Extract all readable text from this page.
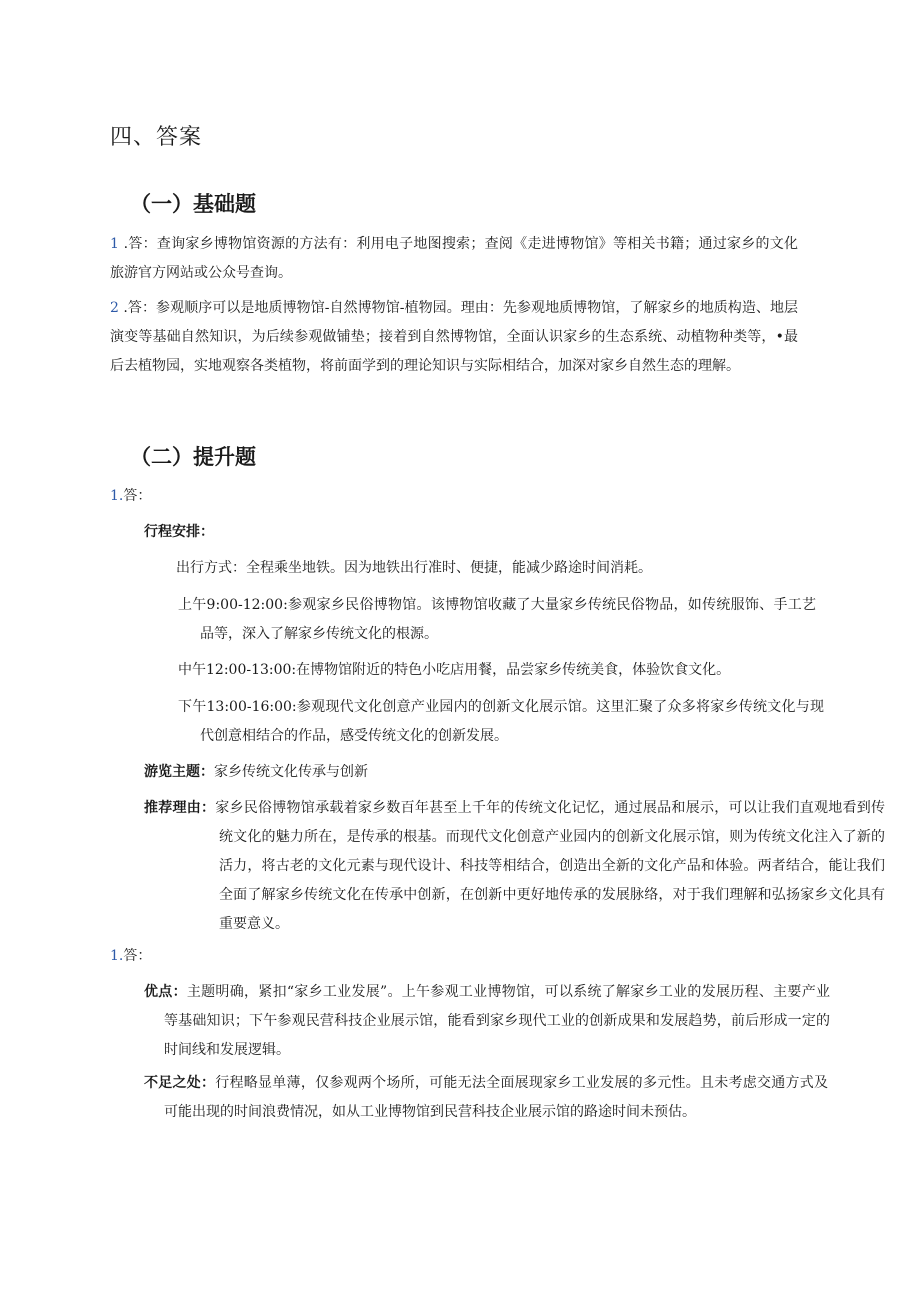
四、答案
（一）基础题

1 .答：查询家乡博物馆资源的方法有：利用电子地图搜索；查阅《走进博物馆》等相关书籍；通过家乡的文化旅游官方网站或公众号查询。

2 .答：参观顺序可以是地质博物馆-自然博物馆-植物园。理由：先参观地质博物馆，了解家乡的地质构造、地层演变等基础自然知识，为后续参观做铺垫；接着到自然博物馆，全面认识家乡的生态系统、动植物种类等，•最后去植物园，实地观察各类植物，将前面学到的理论知识与实际相结合，加深对家乡自然生态的理解。

（二）提升题

1.答：

行程安排：

出行方式：全程乘坐地铁。因为地铁出行准时、便捷，能减少路途时间消耗。

上午9:00-12:00:参观家乡民俗博物馆。该博物馆收藏了大量家乡传统民俗物品，如传统服饰、手工艺品等，深入了解家乡传统文化的根源。

中午12:00-13:00:在博物馆附近的特色小吃店用餐，品尝家乡传统美食，体验饮食文化。

下午13:00-16:00:参观现代文化创意产业园内的创新文化展示馆。这里汇聚了众多将家乡传统文化与现代创意相结合的作品，感受传统文化的创新发展。

游览主题：家乡传统文化传承与创新

推荐理由：家乡民俗博物馆承载着家乡数百年甚至上千年的传统文化记忆，通过展品和展示，可以让我们直观地看到传统文化的魅力所在，是传承的根基。而现代文化创意产业园内的创新文化展示馆，则为传统文化注入了新的活力，将古老的文化元素与现代设计、科技等相结合，创造出全新的文化产品和体验。两者结合，能让我们全面了解家乡传统文化在传承中创新，在创新中更好地传承的发展脉络，对于我们理解和弘扬家乡文化具有重要意义。

1.答：

优点：主题明确，紧扣“家乡工业发展”。上午参观工业博物馆，可以系统了解家乡工业的发展历程、主要产业等基础知识；下午参观民营科技企业展示馆，能看到家乡现代工业的创新成果和发展趋势，前后形成一定的时间线和发展逻辑。

不足之处：行程略显单薄，仅参观两个场所，可能无法全面展现家乡工业发展的多元性。且未考虑交通方式及可能出现的时间浪费情况，如从工业博物馆到民营科技企业展示馆的路途时间未预估。
